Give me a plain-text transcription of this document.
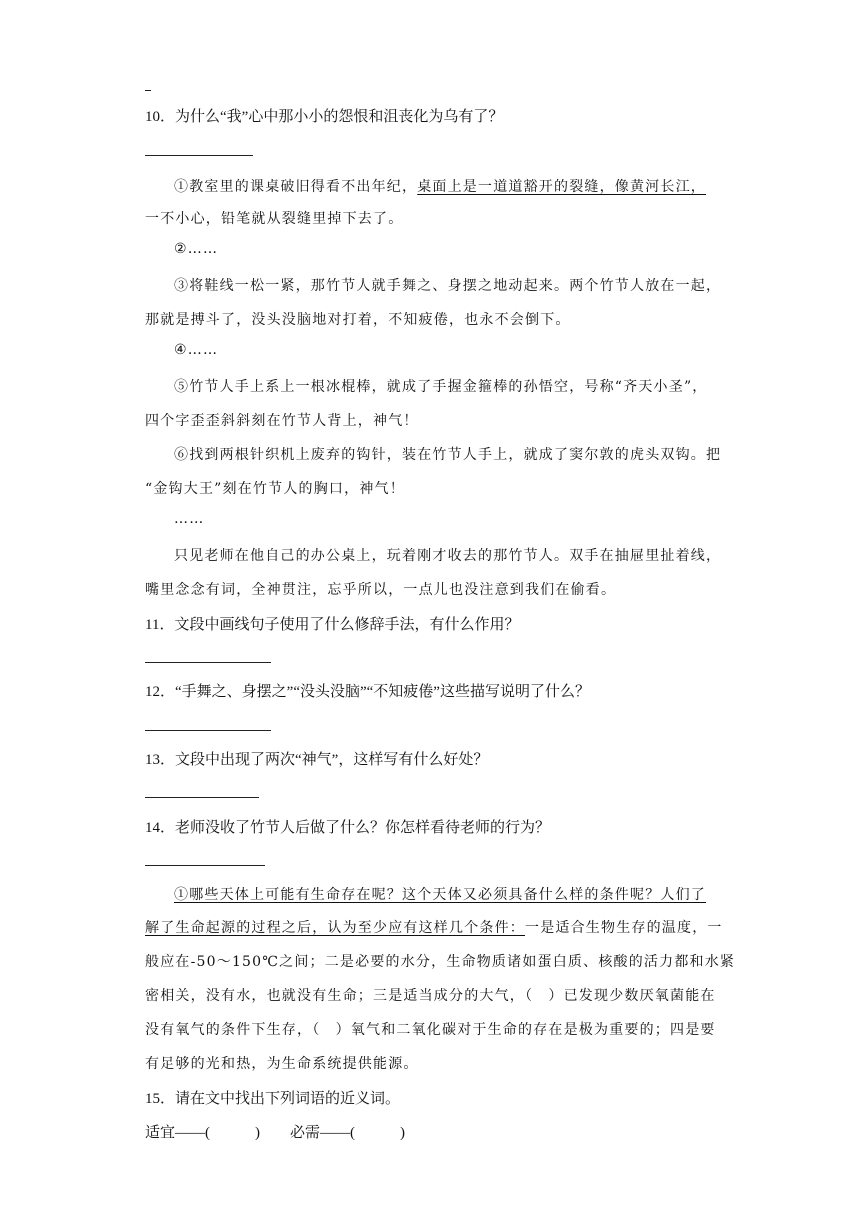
10．为什么“我”心中那小小的怨恨和沮丧化为乌有了？
①教室里的课桌破旧得看不出年纪，桌面上是一道道豁开的裂缝，像黄河长江，
一不小心，铅笔就从裂缝里掉下去了。
②……
③将鞋线一松一紧，那竹节人就手舞之、身摆之地动起来。两个竹节人放在一起，
那就是搏斗了，没头没脑地对打着，不知疲倦，也永不会倒下。
④……
⑤竹节人手上系上一根冰棍棒，就成了手握金箍棒的孙悟空，号称“齐天小圣”，
四个字歪歪斜斜刻在竹节人背上，神气！
⑥找到两根针织机上废弃的钩针，装在竹节人手上，就成了窦尔敦的虎头双钩。把
“金钩大王”刻在竹节人的胸口，神气！
……
只见老师在他自己的办公桌上，玩着刚才收去的那竹节人。双手在抽屉里扯着线，
嘴里念念有词，全神贯注，忘乎所以，一点儿也没注意到我们在偷看。
11．文段中画线句子使用了什么修辞手法，有什么作用？
12．“手舞之、身摆之”“没头没脑”“不知疲倦”这些描写说明了什么？
13．文段中出现了两次“神气”，这样写有什么好处？
14．老师没收了竹节人后做了什么？你怎样看待老师的行为？
①哪些天体上可能有生命存在呢？这个天体又必须具备什么样的条件呢？人们了
解了生命起源的过程之后，认为至少应有这样几个条件：一是适合生物生存的温度，一
般应在-50～150℃之间；二是必要的水分，生命物质诸如蛋白质、核酸的活力都和水紧
密相关，没有水，也就没有生命；三是适当成分的大气，（　）已发现少数厌氧菌能在
没有氧气的条件下生存，（　）氧气和二氧化碳对于生命的存在是极为重要的；四是要
有足够的光和热，为生命系统提供能源。
15．请在文中找出下列词语的近义词。
适宜——(　　　)　　必需——(　　　)
